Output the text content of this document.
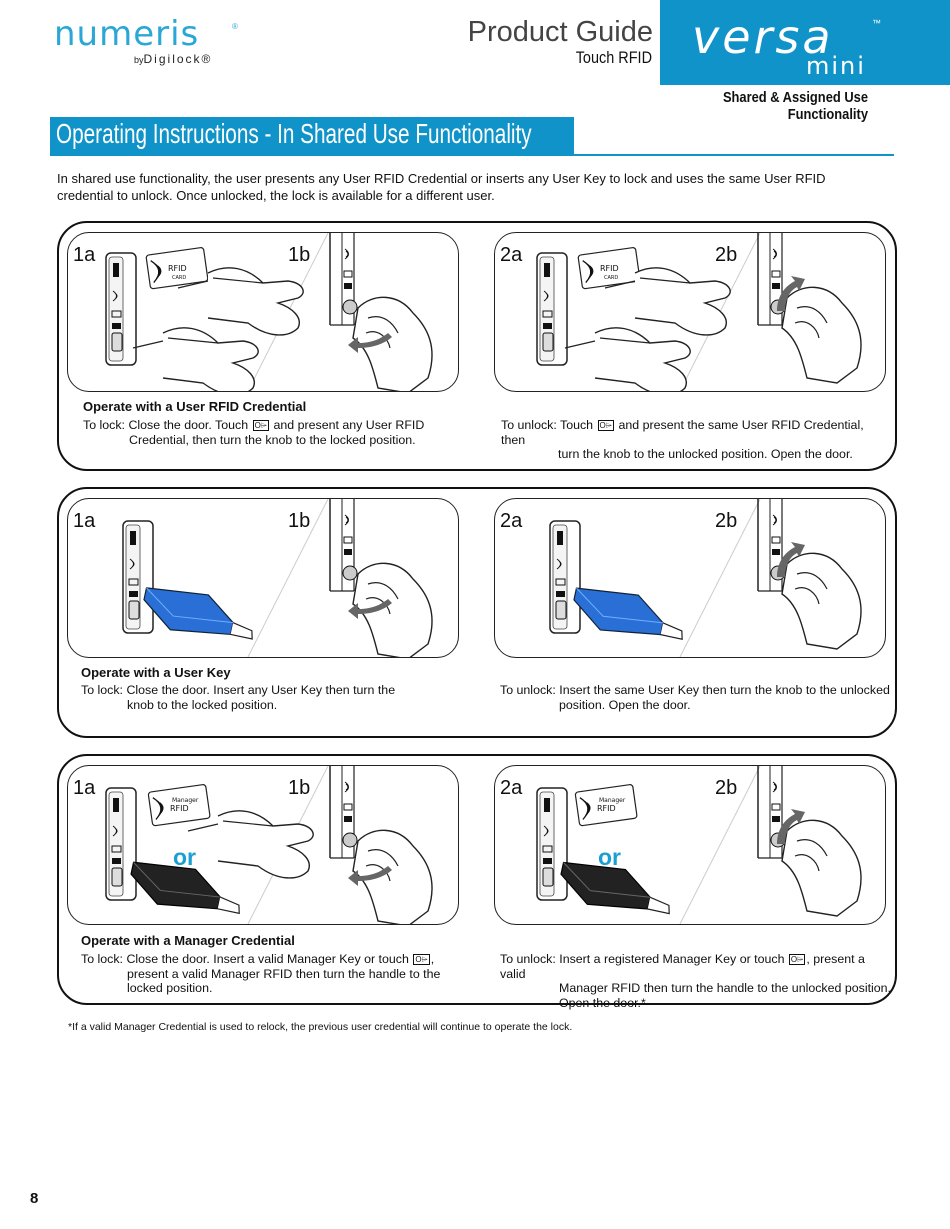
numeris	®
byDigilock®
Product Guide
Touch RFID versa	™
mini
Shared & Assigned Use Functionality
Operating Instructions - In Shared Use Functionality
In shared use functionality, the user presents any User RFID Credential or inserts any User Key to lock and uses the same User RFID credential to unlock. Once unlocked, the lock is available for a different user.
RFID
CARD
1a	1b
RFID
CARD
2a	2b
Operate with a User RFID Credential
To lock: Close the door. Touch O⌲ and present any User RFID
Credential, then turn the knob to the locked position.
To unlock: Touch O⌲ and present the same User RFID Credential, then
turn the knob to the unlocked position. Open the door.
1a	1b	2a	2b
Operate with a User Key
To lock: Close the door. Insert any User Key then turn the
knob to the locked position.
To unlock: Insert the same User Key then turn the knob to the unlocked
position. Open the door.
Manager
RFID
1a	1b
or
Manager
RFID
2a	2b
or
Operate with a Manager Credential
To lock: Close the door. Insert a valid Manager Key or touch O⌲ ,
present a valid Manager RFID then turn the handle to the
locked position.
To unlock: Insert a registered Manager Key or touch O⌲ , present a valid
Manager RFID then turn the handle to the unlocked position.
Open the door.*
*If a valid Manager Credential is used to relock, the previous user credential will continue to operate the lock.
8
